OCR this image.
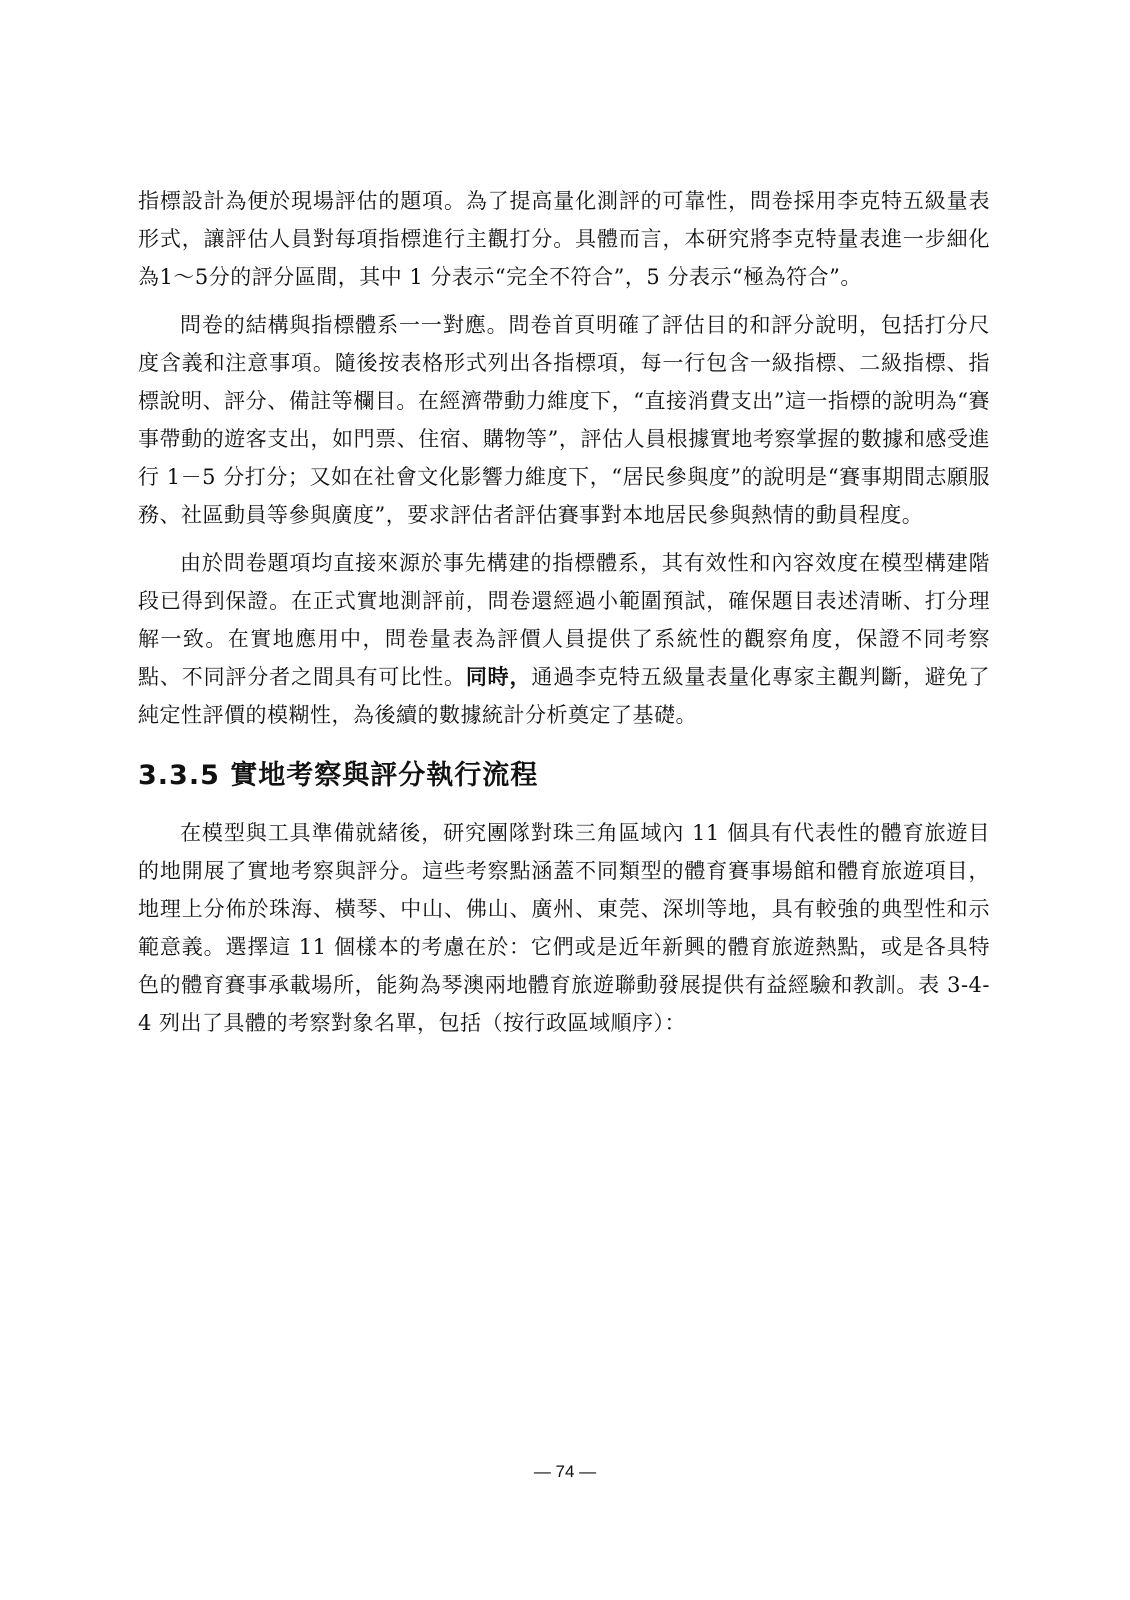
指標設計為便於現場評估的題項。為了提高量化測評的可靠性，問卷採用李克特五級量表形式，讓評估人員對每項指標進行主觀打分。具體而言，本研究將李克特量表進一步細化為1～5分的評分區間，其中 1 分表示“完全不符合”，5 分表示“極為符合”。

問卷的結構與指標體系一一對應。問卷首頁明確了評估目的和評分說明，包括打分尺度含義和注意事項。隨後按表格形式列出各指標項，每一行包含一級指標、二級指標、指標說明、評分、備註等欄目。在經濟帶動力維度下，“直接消費支出”這一指標的說明為“賽事帶動的遊客支出，如門票、住宿、購物等”，評估人員根據實地考察掌握的數據和感受進行 1－5 分打分；又如在社會文化影響力維度下，“居民參與度”的說明是“賽事期間志願服務、社區動員等參與廣度”，要求評估者評估賽事對本地居民參與熱情的動員程度。

由於問卷題項均直接來源於事先構建的指標體系，其有效性和內容效度在模型構建階段已得到保證。在正式實地測評前，問卷還經過小範圍預試，確保題目表述清晰、打分理解一致。在實地應用中，問卷量表為評價人員提供了系統性的觀察角度，保證不同考察點、不同評分者之間具有可比性。同時，通過李克特五級量表量化專家主觀判斷，避免了純定性評價的模糊性，為後續的數據統計分析奠定了基礎。

3.3.5 實地考察與評分執行流程

在模型與工具準備就緒後，研究團隊對珠三角區域內 11 個具有代表性的體育旅遊目的地開展了實地考察與評分。這些考察點涵蓋不同類型的體育賽事場館和體育旅遊項目，地理上分佈於珠海、橫琴、中山、佛山、廣州、東莞、深圳等地，具有較強的典型性和示範意義。選擇這 11 個樣本的考慮在於：它們或是近年新興的體育旅遊熱點，或是各具特色的體育賽事承載場所，能夠為琴澳兩地體育旅遊聯動發展提供有益經驗和教訓。表 3-4-4 列出了具體的考察對象名單，包括（按行政區域順序）：

— 74 —
